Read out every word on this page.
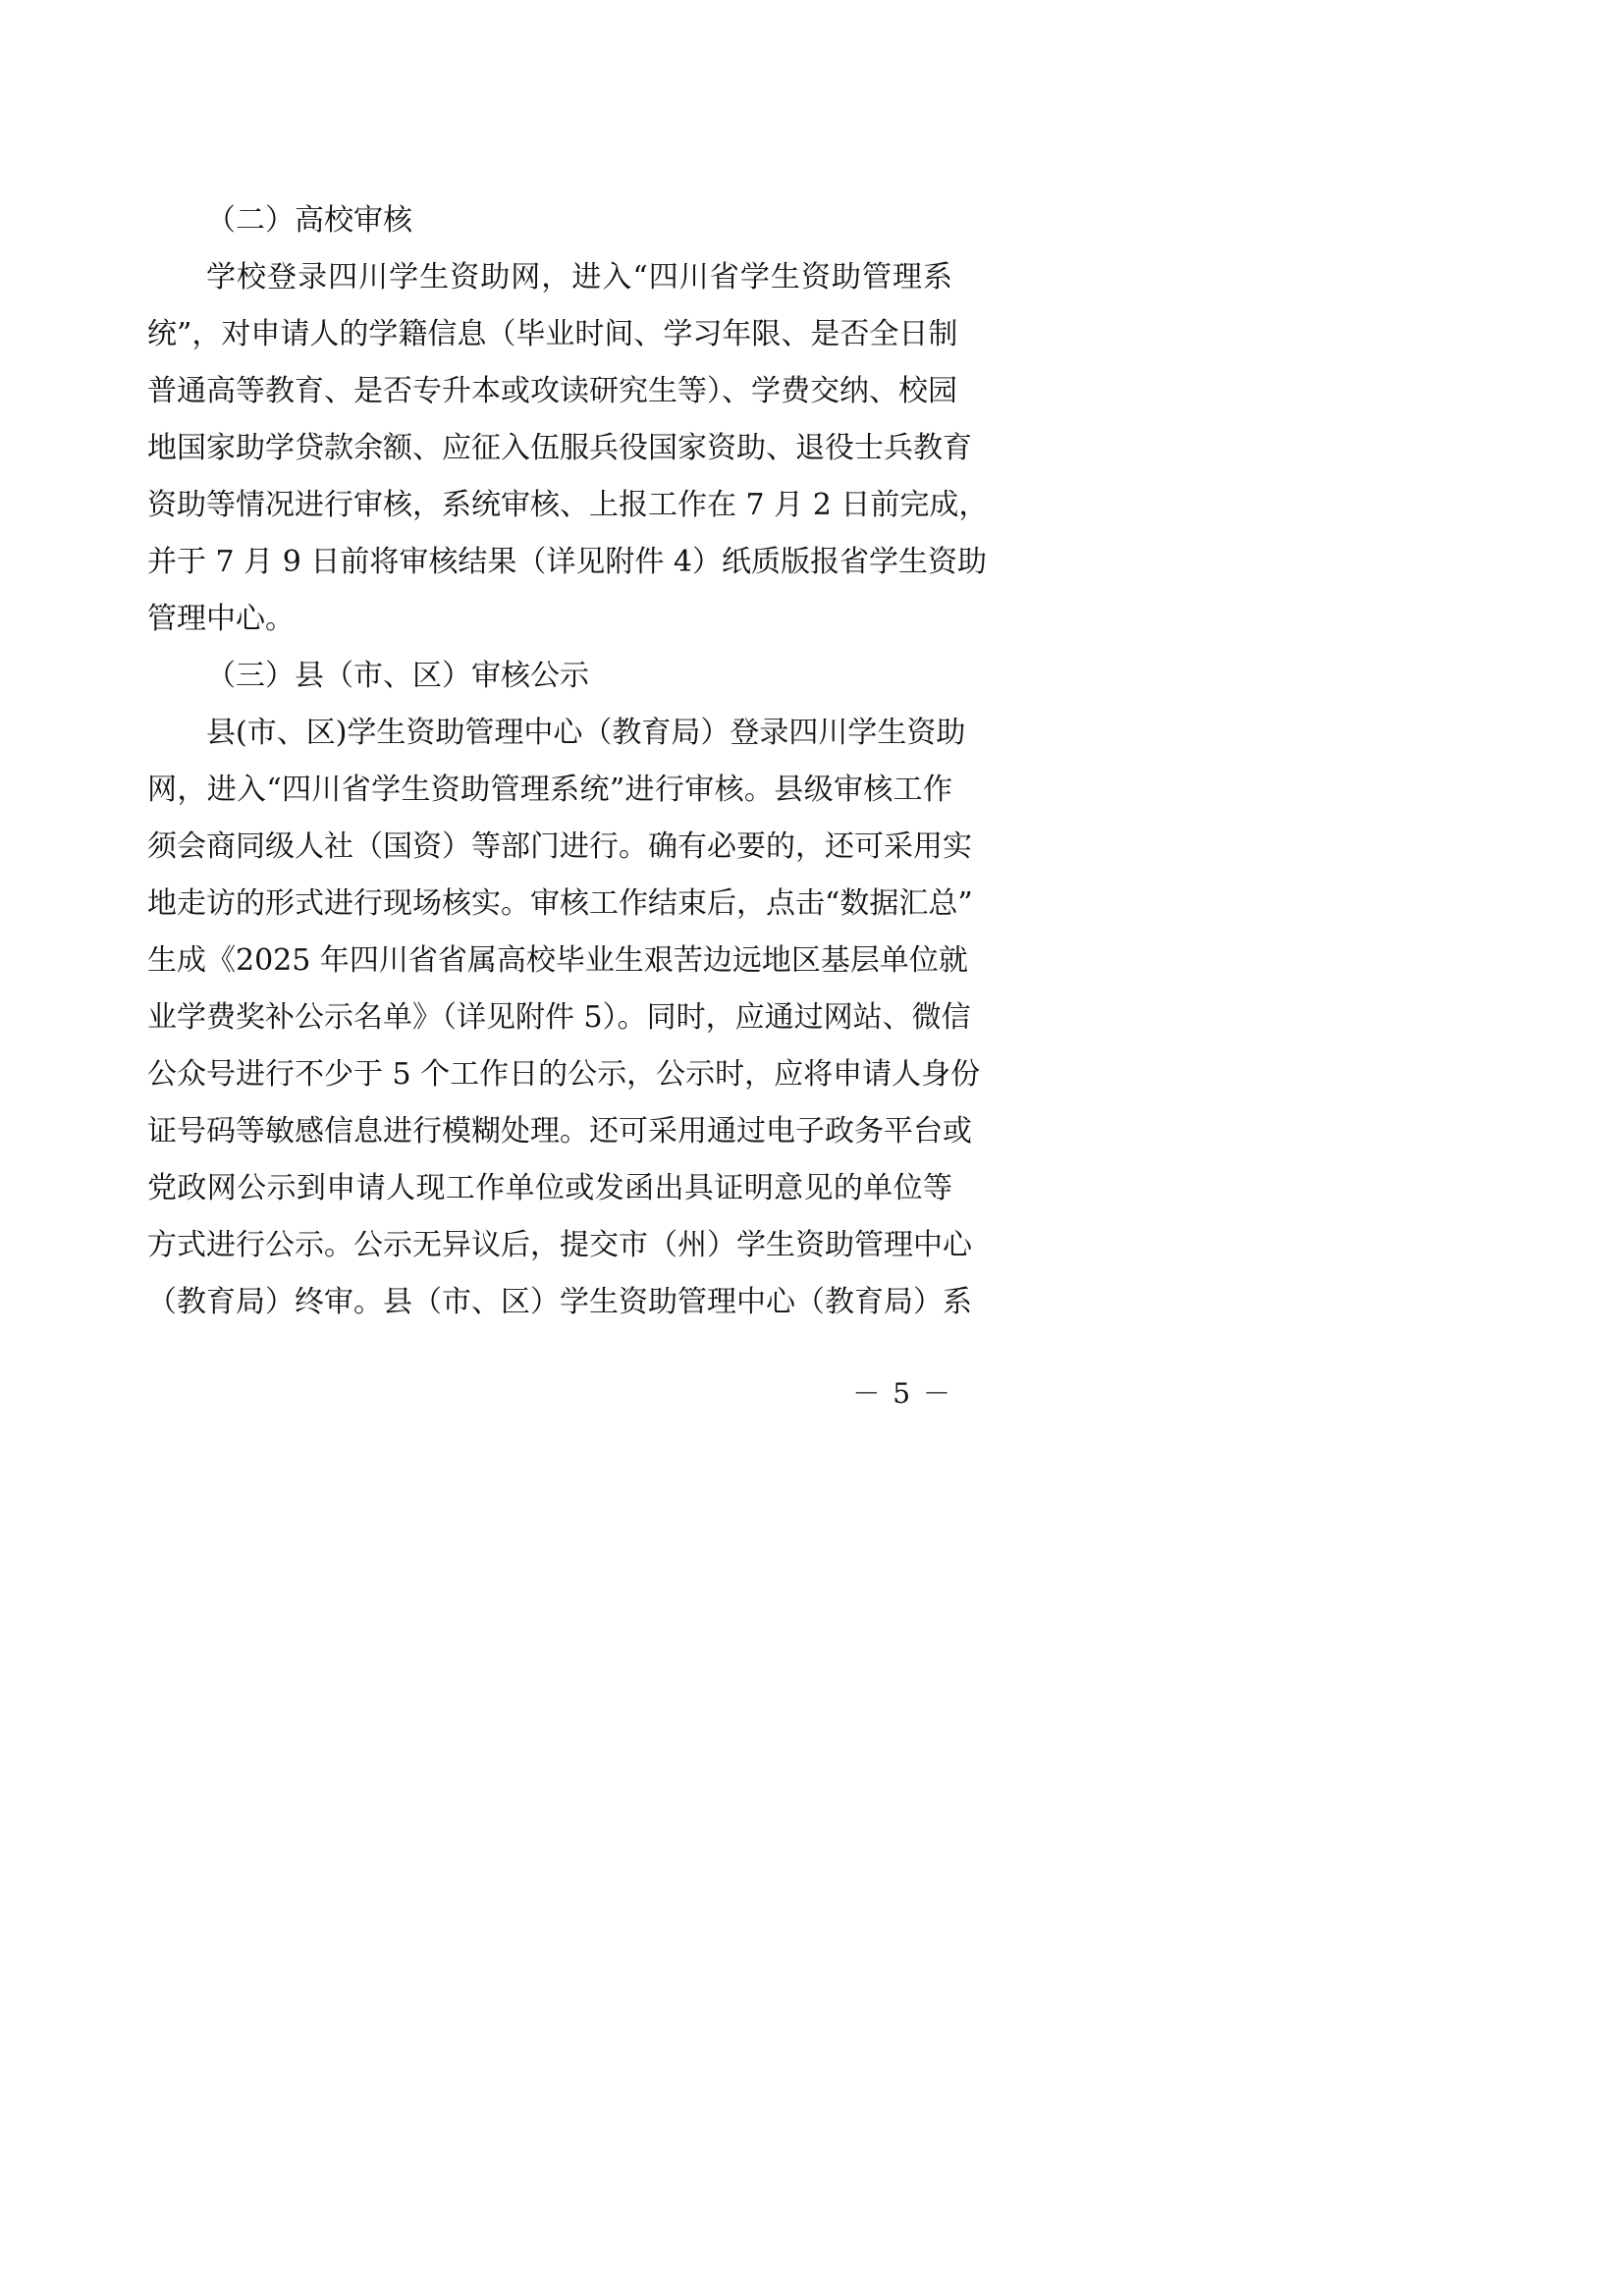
（二）高校审核
学校登录四川学生资助网，进入“四川省学生资助管理系
统”，对申请人的学籍信息（毕业时间、学习年限、是否全日制
普通高等教育、是否专升本或攻读研究生等）、学费交纳、校园
地国家助学贷款余额、应征入伍服兵役国家资助、退役士兵教育
资助等情况进行审核，系统审核、上报工作在 7 月 2 日前完成，
并于 7 月 9 日前将审核结果（详见附件 4）纸质版报省学生资助
管理中心。
（三）县（市、区）审核公示
县(市、区)学生资助管理中心（教育局）登录四川学生资助
网，进入“四川省学生资助管理系统”进行审核。县级审核工作
须会商同级人社（国资）等部门进行。确有必要的，还可采用实
地走访的形式进行现场核实。审核工作结束后，点击“数据汇总”
生成《2025 年四川省省属高校毕业生艰苦边远地区基层单位就
业学费奖补公示名单》（详见附件 5）。同时，应通过网站、微信
公众号进行不少于 5 个工作日的公示，公示时，应将申请人身份
证号码等敏感信息进行模糊处理。还可采用通过电子政务平台或
党政网公示到申请人现工作单位或发函出具证明意见的单位等
方式进行公示。公示无异议后，提交市（州）学生资助管理中心
（教育局）终审。县（市、区）学生资助管理中心（教育局）系
－ 5 －
